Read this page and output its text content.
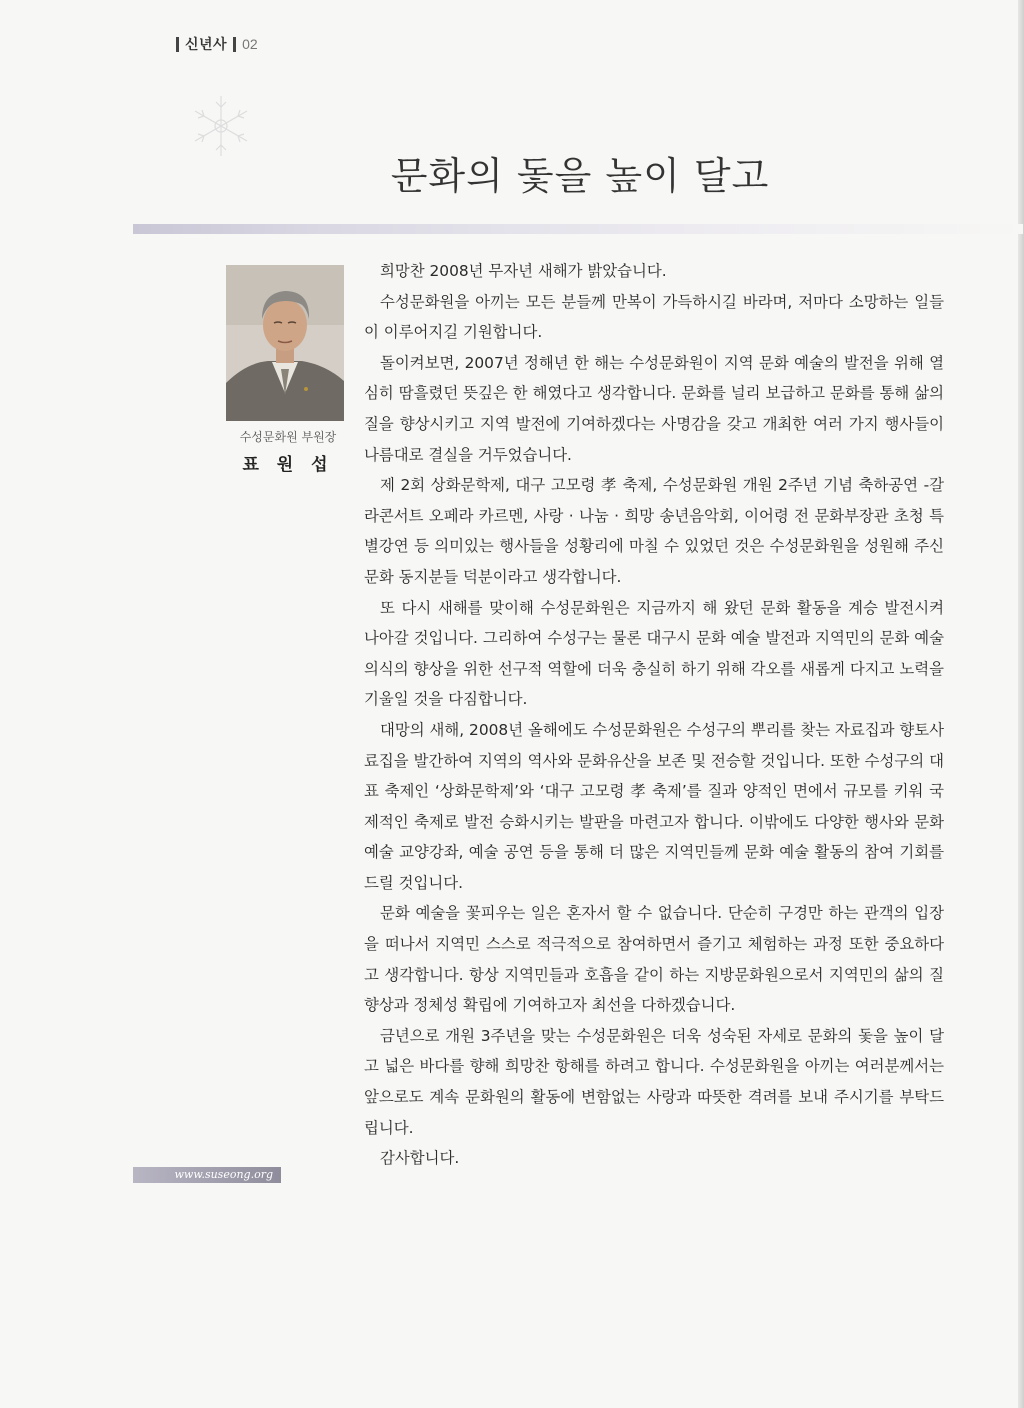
신년사 02
문화의 돛을 높이 달고
수성문화원 부원장
표 원 섭

희망찬 2008년 무자년 새해가 밝았습니다.

수성문화원을 아끼는 모든 분들께 만복이 가득하시길 바라며, 저마다 소망하는 일들이 이루어지길 기원합니다.

돌이켜보면, 2007년 정해년 한 해는 수성문화원이 지역 문화 예술의 발전을 위해 열심히 땀흘렸던 뜻깊은 한 해였다고 생각합니다. 문화를 널리 보급하고 문화를 통해 삶의 질을 향상시키고 지역 발전에 기여하겠다는 사명감을 갖고 개최한 여러 가지 행사들이 나름대로 결실을 거두었습니다.

제 2회 상화문학제, 대구 고모령 孝 축제, 수성문화원 개원 2주년 기념 축하공연 -갈라콘서트 오페라 카르멘, 사랑 · 나눔 · 희망 송년음악회, 이어령 전 문화부장관 초청 특별강연 등 의미있는 행사들을 성황리에 마칠 수 있었던 것은 수성문화원을 성원해 주신 문화 동지분들 덕분이라고 생각합니다.

또 다시 새해를 맞이해 수성문화원은 지금까지 해 왔던 문화 활동을 계승 발전시켜 나아갈 것입니다. 그리하여 수성구는 물론 대구시 문화 예술 발전과 지역민의 문화 예술 의식의 향상을 위한 선구적 역할에 더욱 충실히 하기 위해 각오를 새롭게 다지고 노력을 기울일 것을 다짐합니다.

대망의 새해, 2008년 올해에도 수성문화원은 수성구의 뿌리를 찾는 자료집과 향토사료집을 발간하여 지역의 역사와 문화유산을 보존 및 전승할 것입니다. 또한 수성구의 대표 축제인 ‘상화문학제’와 ‘대구 고모령 孝 축제’를 질과 양적인 면에서 규모를 키워 국제적인 축제로 발전 승화시키는 발판을 마련고자 합니다. 이밖에도 다양한 행사와 문화예술 교양강좌, 예술 공연 등을 통해 더 많은 지역민들께 문화 예술 활동의 참여 기회를 드릴 것입니다.

문화 예술을 꽃피우는 일은 혼자서 할 수 없습니다. 단순히 구경만 하는 관객의 입장을 떠나서 지역민 스스로 적극적으로 참여하면서 즐기고 체험하는 과정 또한 중요하다고 생각합니다. 항상 지역민들과 호흡을 같이 하는 지방문화원으로서 지역민의 삶의 질 향상과 정체성 확립에 기여하고자 최선을 다하겠습니다.

금년으로 개원 3주년을 맞는 수성문화원은 더욱 성숙된 자세로 문화의 돛을 높이 달고 넓은 바다를 향해 희망찬 항해를 하려고 합니다. 수성문화원을 아끼는 여러분께서는 앞으로도 계속 문화원의 활동에 변함없는 사랑과 따뜻한 격려를 보내 주시기를 부탁드립니다.

감사합니다.

www.suseong.org
